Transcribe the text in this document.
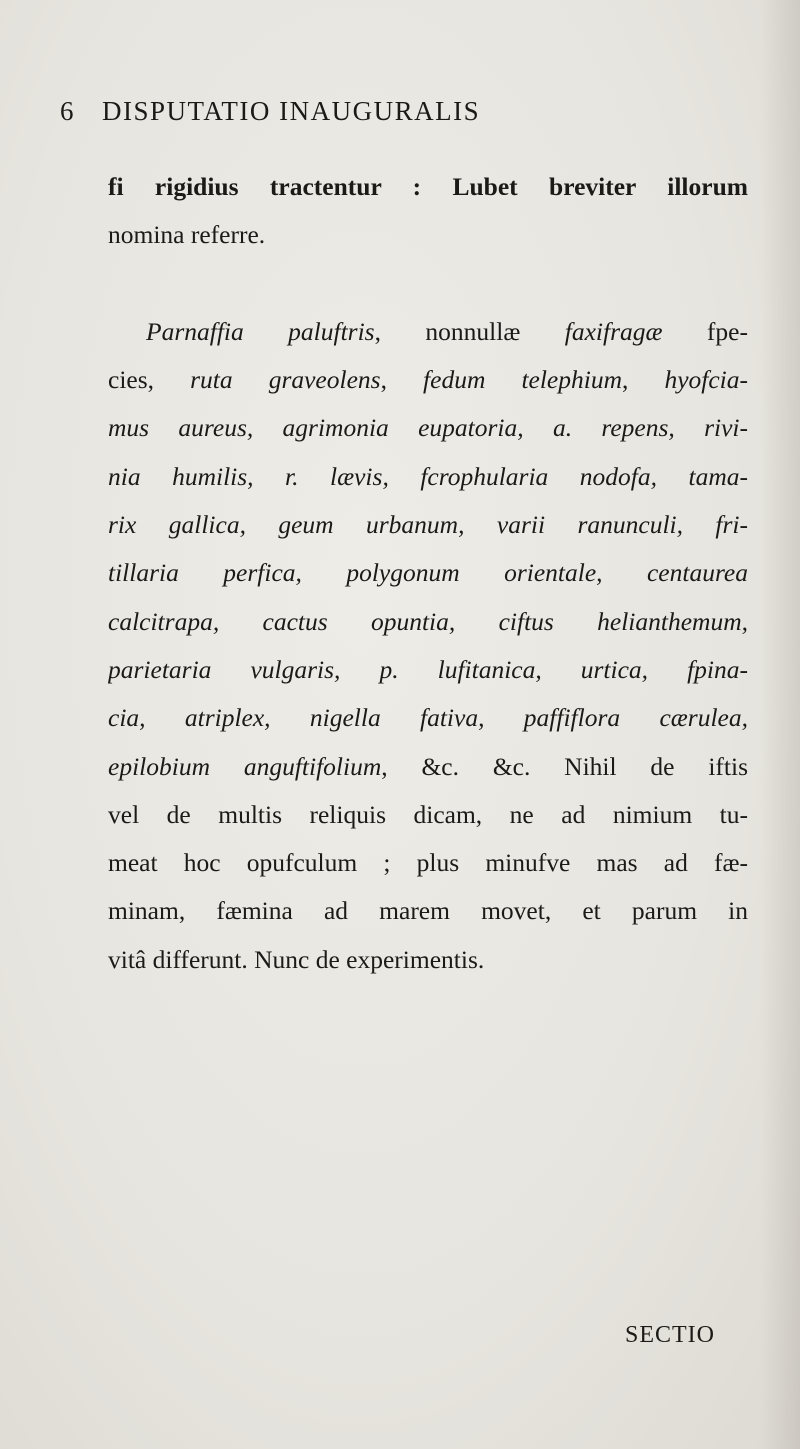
6 DISPUTATIO INAUGURALIS
fi rigidius tractentur : Lubet breviter illorum
nomina referre.
Parnaffia paluftris, nonnullæ faxifragæ fpe-
cies, ruta graveolens, fedum telephium, hyofcia-
mus aureus, agrimonia eupatoria, a. repens, rivi-
nia humilis, r. lævis, fcrophularia nodofa, tama-
rix gallica, geum urbanum, varii ranunculi, fri-
tillaria perfica, polygonum orientale, centaurea
calcitrapa, cactus opuntia, ciftus helianthemum,
parietaria vulgaris, p. lufitanica, urtica, fpina-
cia, atriplex, nigella fativa, paffiflora cærulea,
epilobium anguftifolium, &c. &c. Nihil de iftis
vel de multis reliquis dicam, ne ad nimium tu-
meat hoc opufculum ; plus minufve mas ad fæ-
minam, fæmina ad marem movet, et parum in
vitâ differunt. Nunc de experimentis.
SECTIO
